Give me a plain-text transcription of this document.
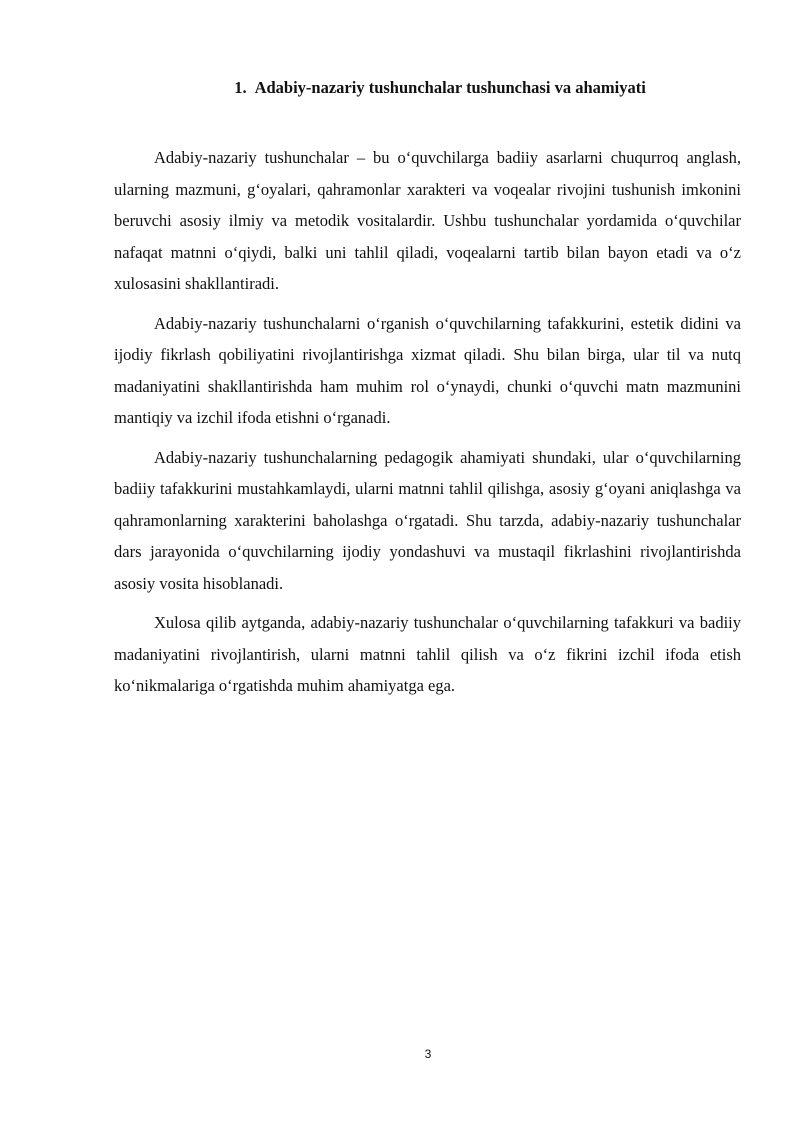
1. Adabiy-nazariy tushunchalar tushunchasi va ahamiyati

Adabiy-nazariy tushunchalar – bu o‘quvchilarga badiiy asarlarni chuqurroq anglash, ularning mazmuni, g‘oyalari, qahramonlar xarakteri va voqealar rivojini tushunish imkonini beruvchi asosiy ilmiy va metodik vositalardir. Ushbu tushunchalar yordamida o‘quvchilar nafaqat matnni o‘qiydi, balki uni tahlil qiladi, voqealarni tartib bilan bayon etadi va o‘z xulosasini shakllantiradi.

Adabiy-nazariy tushunchalarni o‘rganish o‘quvchilarning tafakkurini, estetik didini va ijodiy fikrlash qobiliyatini rivojlantirishga xizmat qiladi. Shu bilan birga, ular til va nutq madaniyatini shakllantirishda ham muhim rol o‘ynaydi, chunki o‘quvchi matn mazmunini mantiqiy va izchil ifoda etishni o‘rganadi.

Adabiy-nazariy tushunchalarning pedagogik ahamiyati shundaki, ular o‘quvchilarning badiiy tafakkurini mustahkamlaydi, ularni matnni tahlil qilishga, asosiy g‘oyani aniqlashga va qahramonlarning xarakterini baholashga o‘rgatadi. Shu tarzda, adabiy-nazariy tushunchalar dars jarayonida o‘quvchilarning ijodiy yondashuvi va mustaqil fikrlashini rivojlantirishda asosiy vosita hisoblanadi.

Xulosa qilib aytganda, adabiy-nazariy tushunchalar o‘quvchilarning tafakkuri va badiiy madaniyatini rivojlantirish, ularni matnni tahlil qilish va o‘z fikrini izchil ifoda etish ko‘nikmalariga o‘rgatishda muhim ahamiyatga ega.

3
